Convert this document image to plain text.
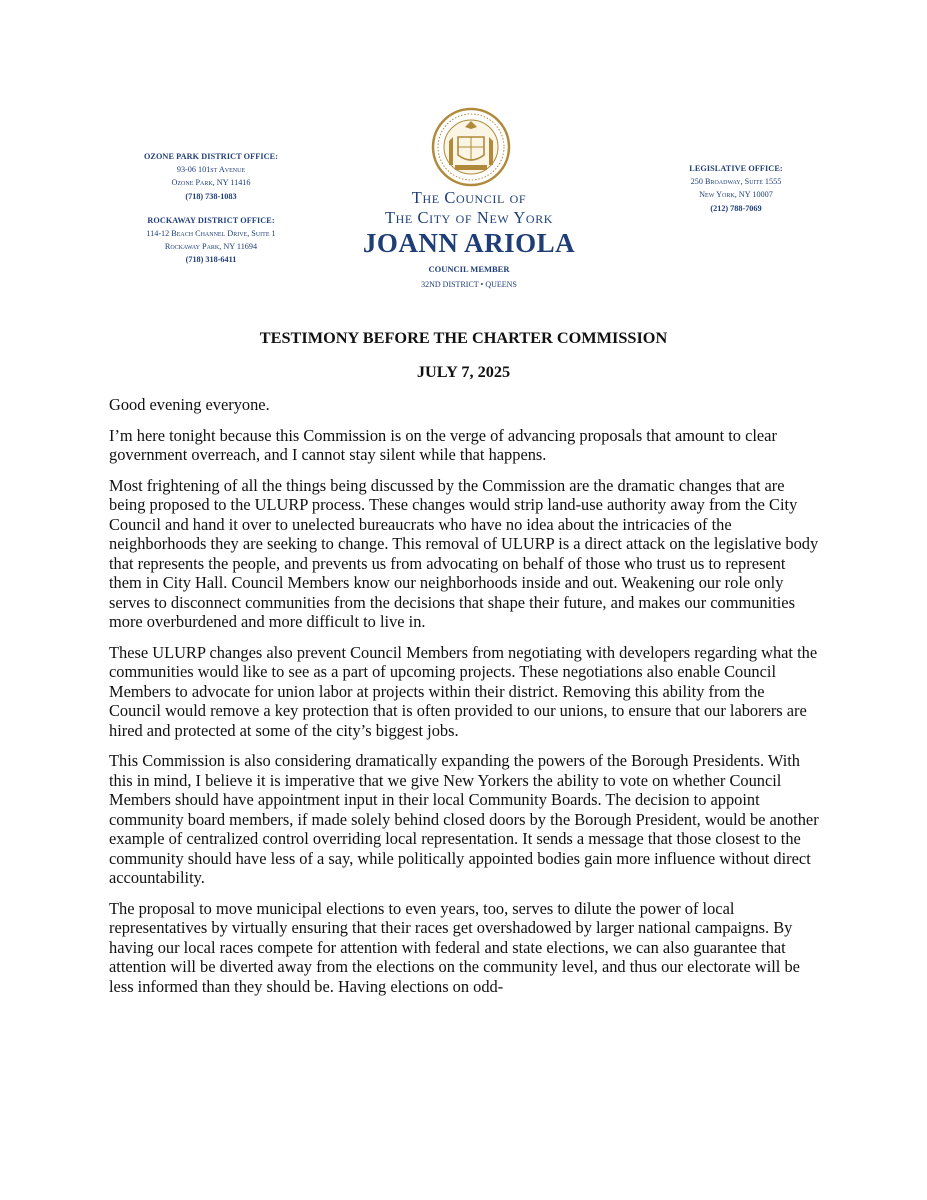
OZONE PARK DISTRICT OFFICE:
93-06 101st Avenue
Ozone Park, NY 11416
(718) 738-1083
ROCKAWAY DISTRICT OFFICE:
114-12 Beach Channel Drive, Suite 1
Rockaway Park, NY 11694
(718) 318-6411
The Council of
The City of New York
JOANN ARIOLA
COUNCIL MEMBER
32ND DISTRICT • QUEENS
LEGISLATIVE OFFICE:
250 Broadway, Suite 1555
New York, NY 10007
(212) 788-7069
TESTIMONY BEFORE THE CHARTER COMMISSION
JULY 7, 2025

Good evening everyone.

I’m here tonight because this Commission is on the verge of advancing proposals that amount to clear government overreach, and I cannot stay silent while that happens.

Most frightening of all the things being discussed by the Commission are the dramatic changes that are being proposed to the ULURP process. These changes would strip land-use authority away from the City Council and hand it over to unelected bureaucrats who have no idea about the intricacies of the neighborhoods they are seeking to change. This removal of ULURP is a direct attack on the legislative body that represents the people, and prevents us from advocating on behalf of those who trust us to represent them in City Hall. Council Members know our neighborhoods inside and out. Weakening our role only serves to disconnect communities from the decisions that shape their future, and makes our communities more overburdened and more difficult to live in.

These ULURP changes also prevent Council Members from negotiating with developers regarding what the communities would like to see as a part of upcoming projects. These negotiations also enable Council Members to advocate for union labor at projects within their district. Removing this ability from the Council would remove a key protection that is often provided to our unions, to ensure that our laborers are hired and protected at some of the city’s biggest jobs.

This Commission is also considering dramatically expanding the powers of the Borough Presidents. With this in mind, I believe it is imperative that we give New Yorkers the ability to vote on whether Council Members should have appointment input in their local Community Boards. The decision to appoint community board members, if made solely behind closed doors by the Borough President, would be another example of centralized control overriding local representation. It sends a message that those closest to the community should have less of a say, while politically appointed bodies gain more influence without direct accountability.

The proposal to move municipal elections to even years, too, serves to dilute the power of local representatives by virtually ensuring that their races get overshadowed by larger national campaigns. By having our local races compete for attention with federal and state elections, we can also guarantee that attention will be diverted away from the elections on the community level, and thus our electorate will be less informed than they should be. Having elections on odd-
